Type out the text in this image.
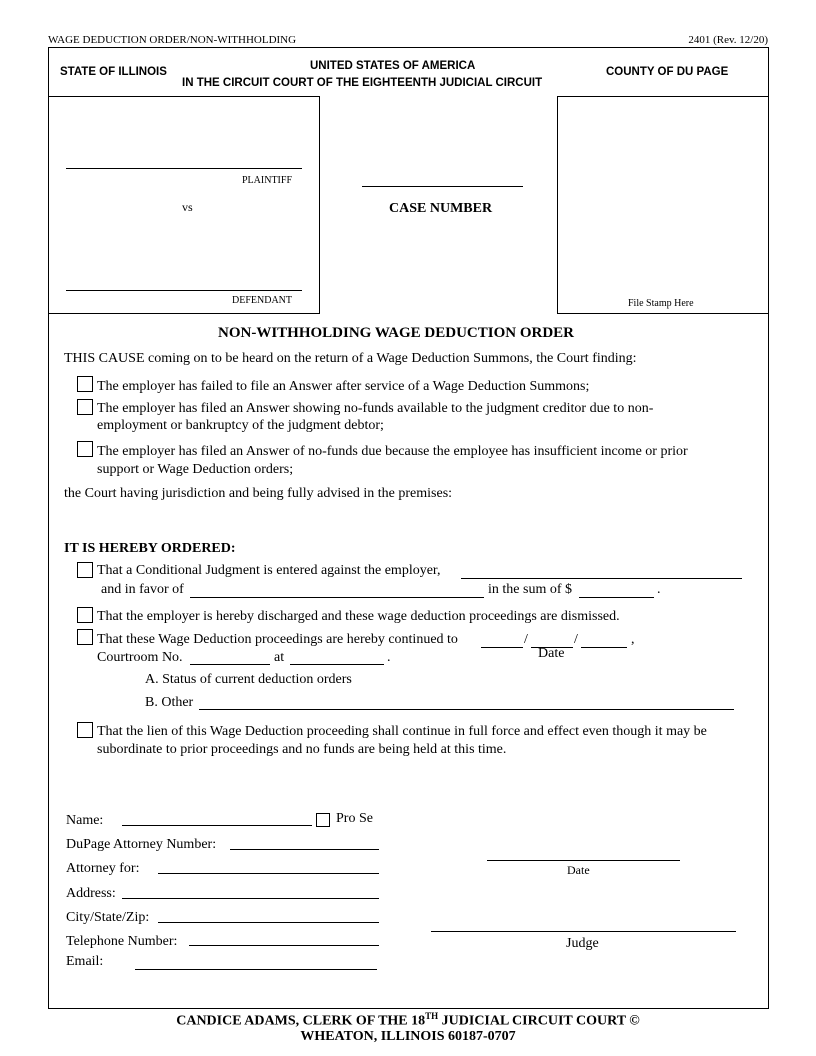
WAGE DEDUCTION ORDER/NON-WITHHOLDING	2401 (Rev. 12/20)
STATE OF ILLINOIS	UNITED STATES OF AMERICA
IN THE CIRCUIT COURT OF THE EIGHTEENTH JUDICIAL CIRCUIT
COUNTY OF DU PAGE
PLAINTIFF
vs
DEFENDANT
CASE NUMBER
File Stamp Here
NON-WITHHOLDING WAGE DEDUCTION ORDER
THIS CAUSE coming on to be heard on the return of a Wage Deduction Summons, the Court finding:
The employer has failed to file an Answer after service of a Wage Deduction Summons;
The employer has filed an Answer showing no-funds available to the judgment creditor due to non-
employment or bankruptcy of the judgment debtor;
The employer has filed an Answer of no-funds due because the employee has insufficient income or prior
support or Wage Deduction orders;
the Court having jurisdiction and being fully advised in the premises:
IT IS HEREBY ORDERED:
That a Conditional Judgment is entered against the employer,
and in favor of	in the sum of $	.
That the employer is hereby discharged and these wage deduction proceedings are dismissed.
That these Wage Deduction proceedings are hereby continued to	/	/	,
Date
Courtroom No.	at	.
A. Status of current deduction orders
B. Other
That the lien of this Wage Deduction proceeding shall continue in full force and effect even though it may be
subordinate to prior proceedings and no funds are being held at this time.
Name:	Pro Se
DuPage Attorney Number:
Attorney for:
Address:
City/State/Zip:
Telephone Number:
Email:
Date
Judge
CANDICE ADAMS, CLERK OF THE 18TH JUDICIAL CIRCUIT COURT ©
WHEATON, ILLINOIS 60187-0707
